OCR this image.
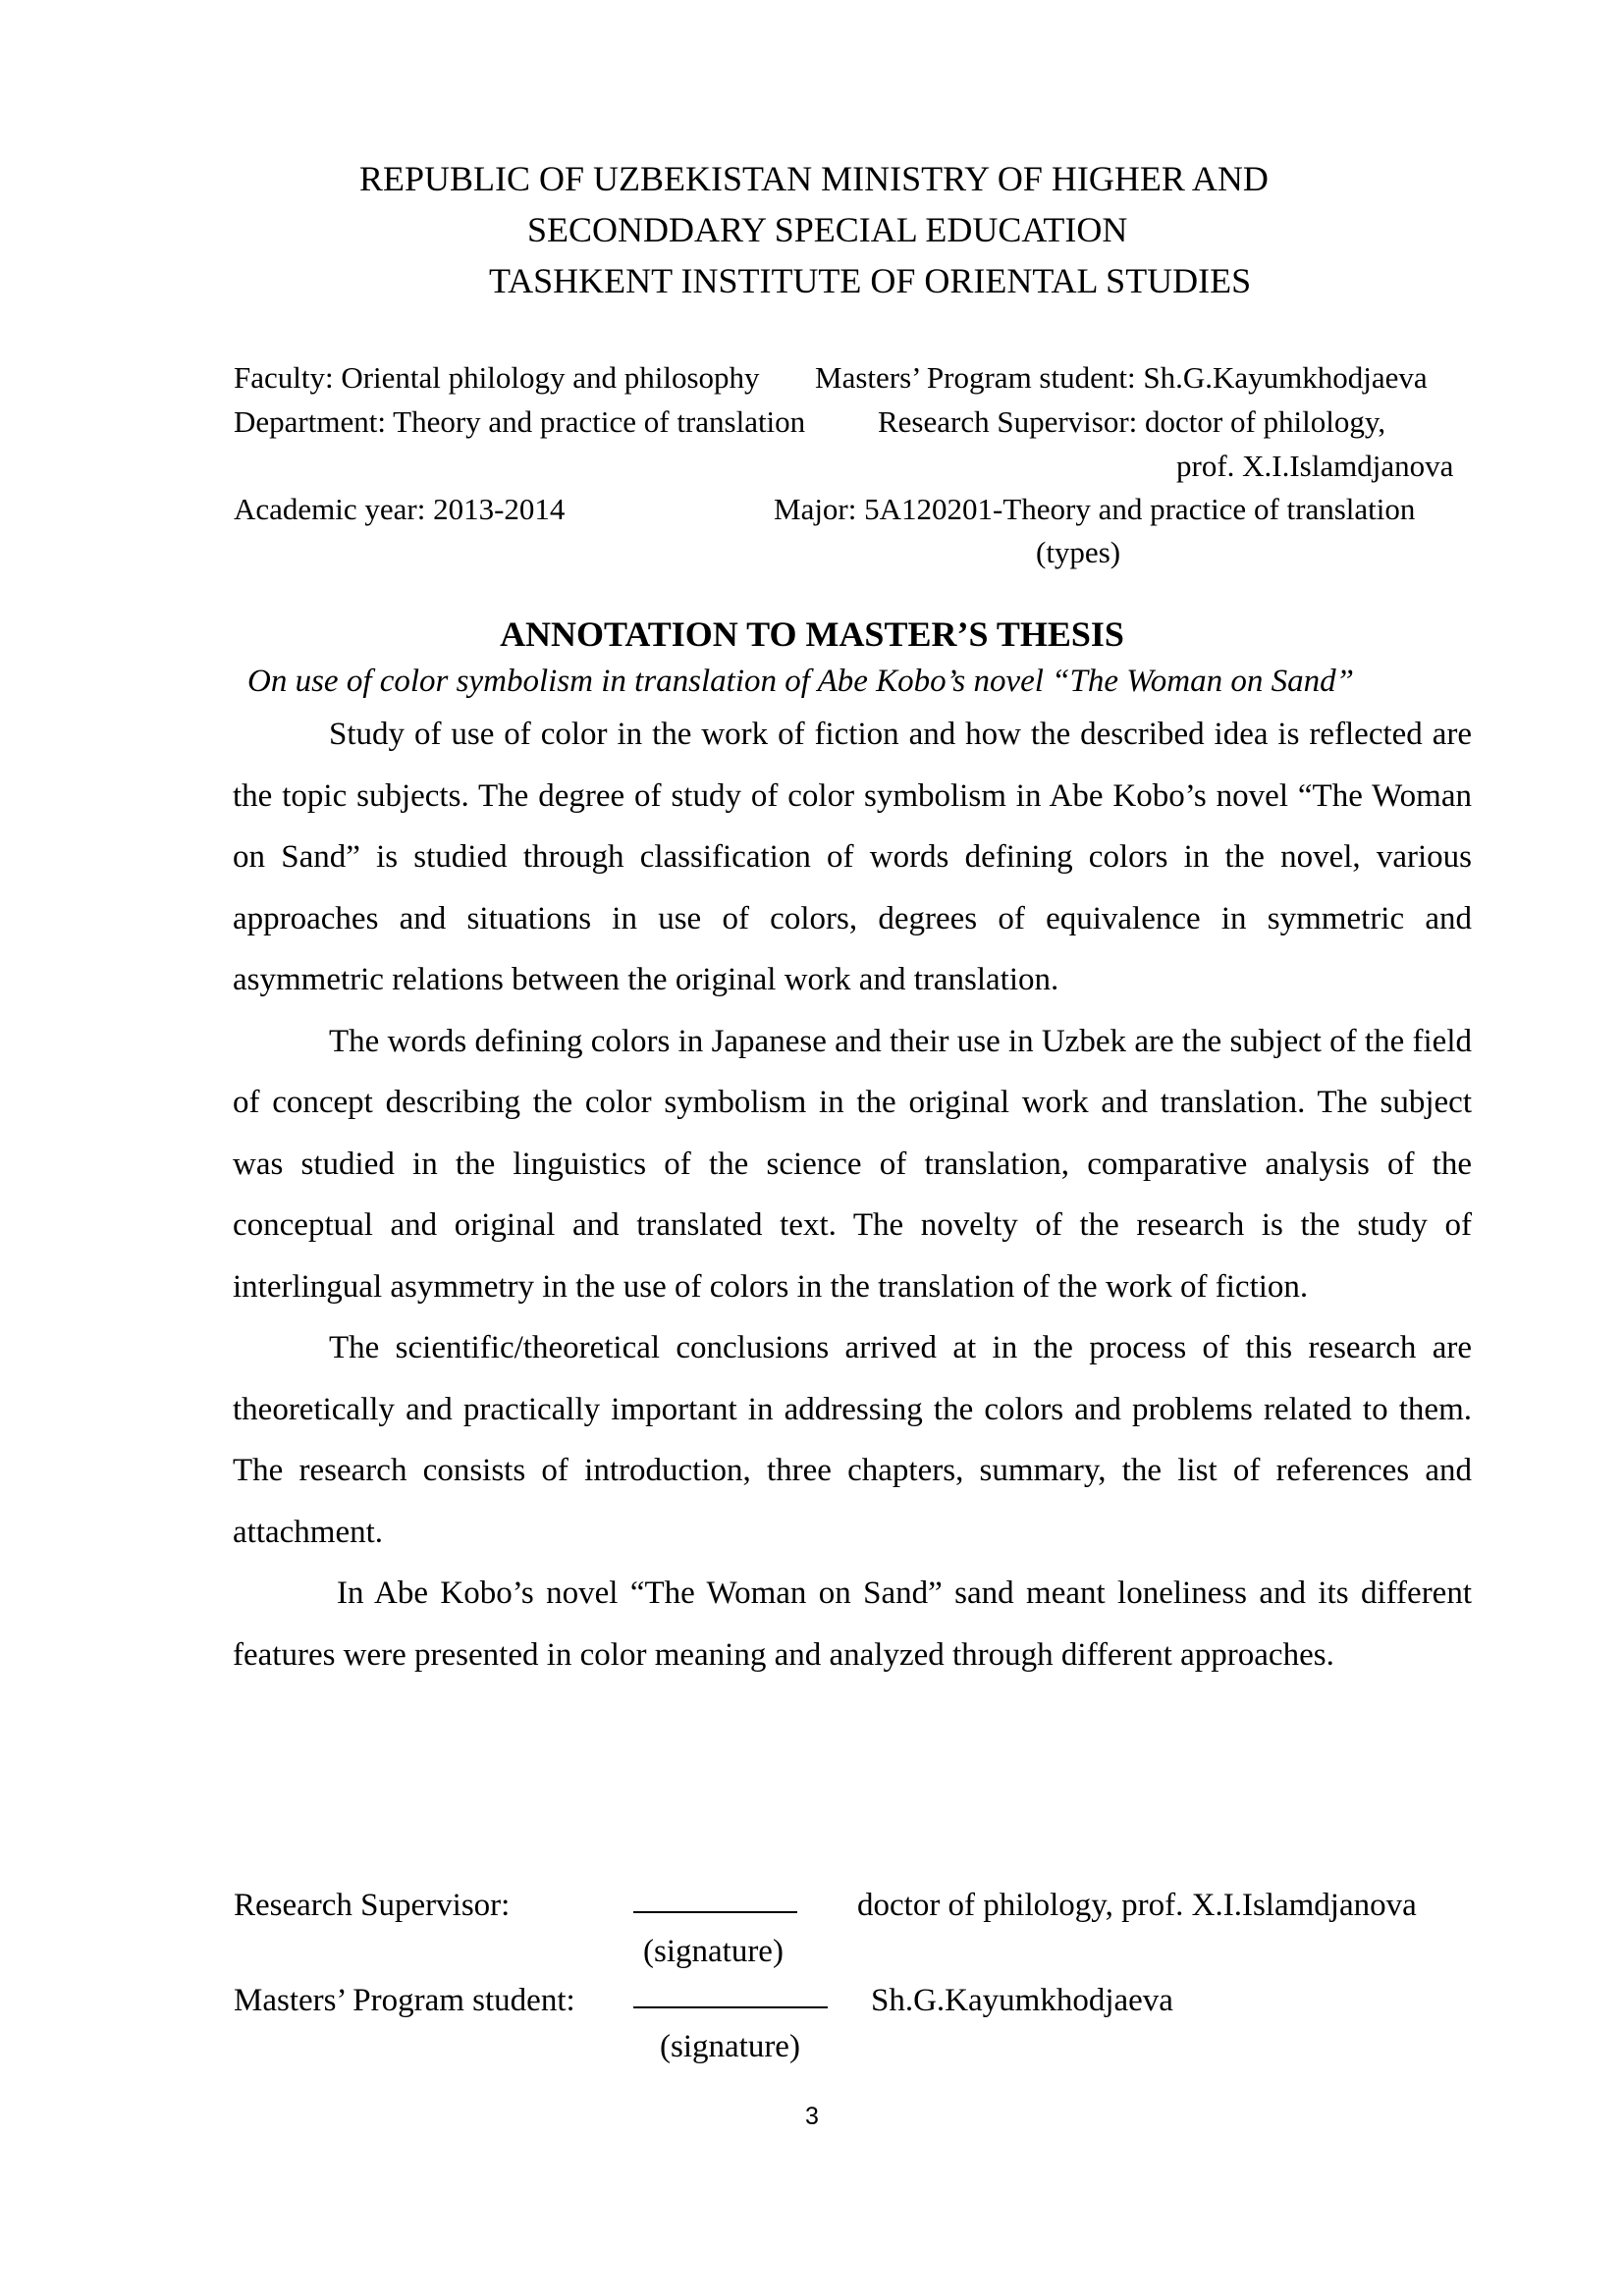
REPUBLIC OF UZBEKISTAN MINISTRY OF HIGHER AND
SECONDDARY SPECIAL EDUCATION
TASHKENT INSTITUTE OF ORIENTAL STUDIES
Faculty: Oriental philology and philosophy Masters’ Program student: Sh.G.Kayumkhodjaeva
Department: Theory and practice of translation Research Supervisor: doctor of philology,
prof. X.I.Islamdjanova
Academic year: 2013-2014	Major: 5A120201-Theory and practice of translation
(types)
ANNOTATION TO MASTER’S THESIS
On use of color symbolism in translation of Abe Kobo’s novel “The Woman on Sand”

Study of use of color in the work of fiction and how the described idea is reflected are the topic subjects. The degree of study of color symbolism in Abe Kobo’s novel “The Woman on Sand” is studied through classification of words defining colors in the novel, various approaches and situations in use of colors, degrees of equivalence in symmetric and asymmetric relations between the original work and translation.

The words defining colors in Japanese and their use in Uzbek are the subject of the field of concept describing the color symbolism in the original work and translation. The subject was studied in the linguistics of the science of translation, comparative analysis of the conceptual and original and translated text. The novelty of the research is the study of interlingual asymmetry in the use of colors in the translation of the work of fiction.

The scientific/theoretical conclusions arrived at in the process of this research are theoretically and practically important in addressing the colors and problems related to them. The research consists of introduction, three chapters, summary, the list of references and attachment.

In Abe Kobo’s novel “The Woman on Sand” sand meant loneliness and its different features were presented in color meaning and analyzed through different approaches.

Research Supervisor:	doctor of philology, prof. X.I.Islamdjanova
(signature)
Masters’ Program student:	Sh.G.Kayumkhodjaeva
(signature)
3
